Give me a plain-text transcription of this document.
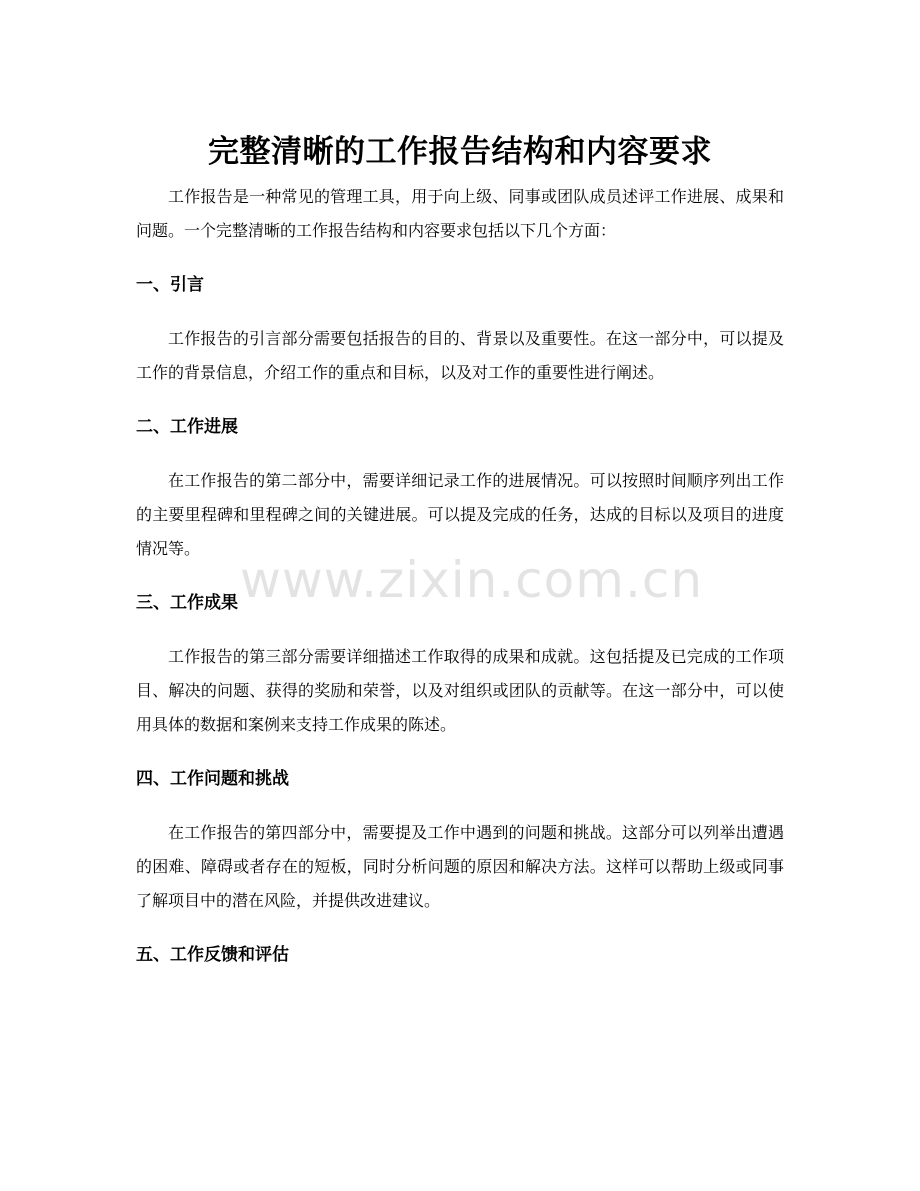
完整清晰的工作报告结构和内容要求

工作报告是一种常见的管理工具，用于向上级、同事或团队成员述评工作进展、成果和问题。一个完整清晰的工作报告结构和内容要求包括以下几个方面：

一、引言

工作报告的引言部分需要包括报告的目的、背景以及重要性。在这一部分中，可以提及工作的背景信息，介绍工作的重点和目标，以及对工作的重要性进行阐述。

二、工作进展

在工作报告的第二部分中，需要详细记录工作的进展情况。可以按照时间顺序列出工作的主要里程碑和里程碑之间的关键进展。可以提及完成的任务，达成的目标以及项目的进度情况等。

三、工作成果

工作报告的第三部分需要详细描述工作取得的成果和成就。这包括提及已完成的工作项目、解决的问题、获得的奖励和荣誉，以及对组织或团队的贡献等。在这一部分中，可以使用具体的数据和案例来支持工作成果的陈述。

四、工作问题和挑战

在工作报告的第四部分中，需要提及工作中遇到的问题和挑战。这部分可以列举出遭遇的困难、障碍或者存在的短板，同时分析问题的原因和解决方法。这样可以帮助上级或同事了解项目中的潜在风险，并提供改进建议。

五、工作反馈和评估
www.zixin.com.cn
